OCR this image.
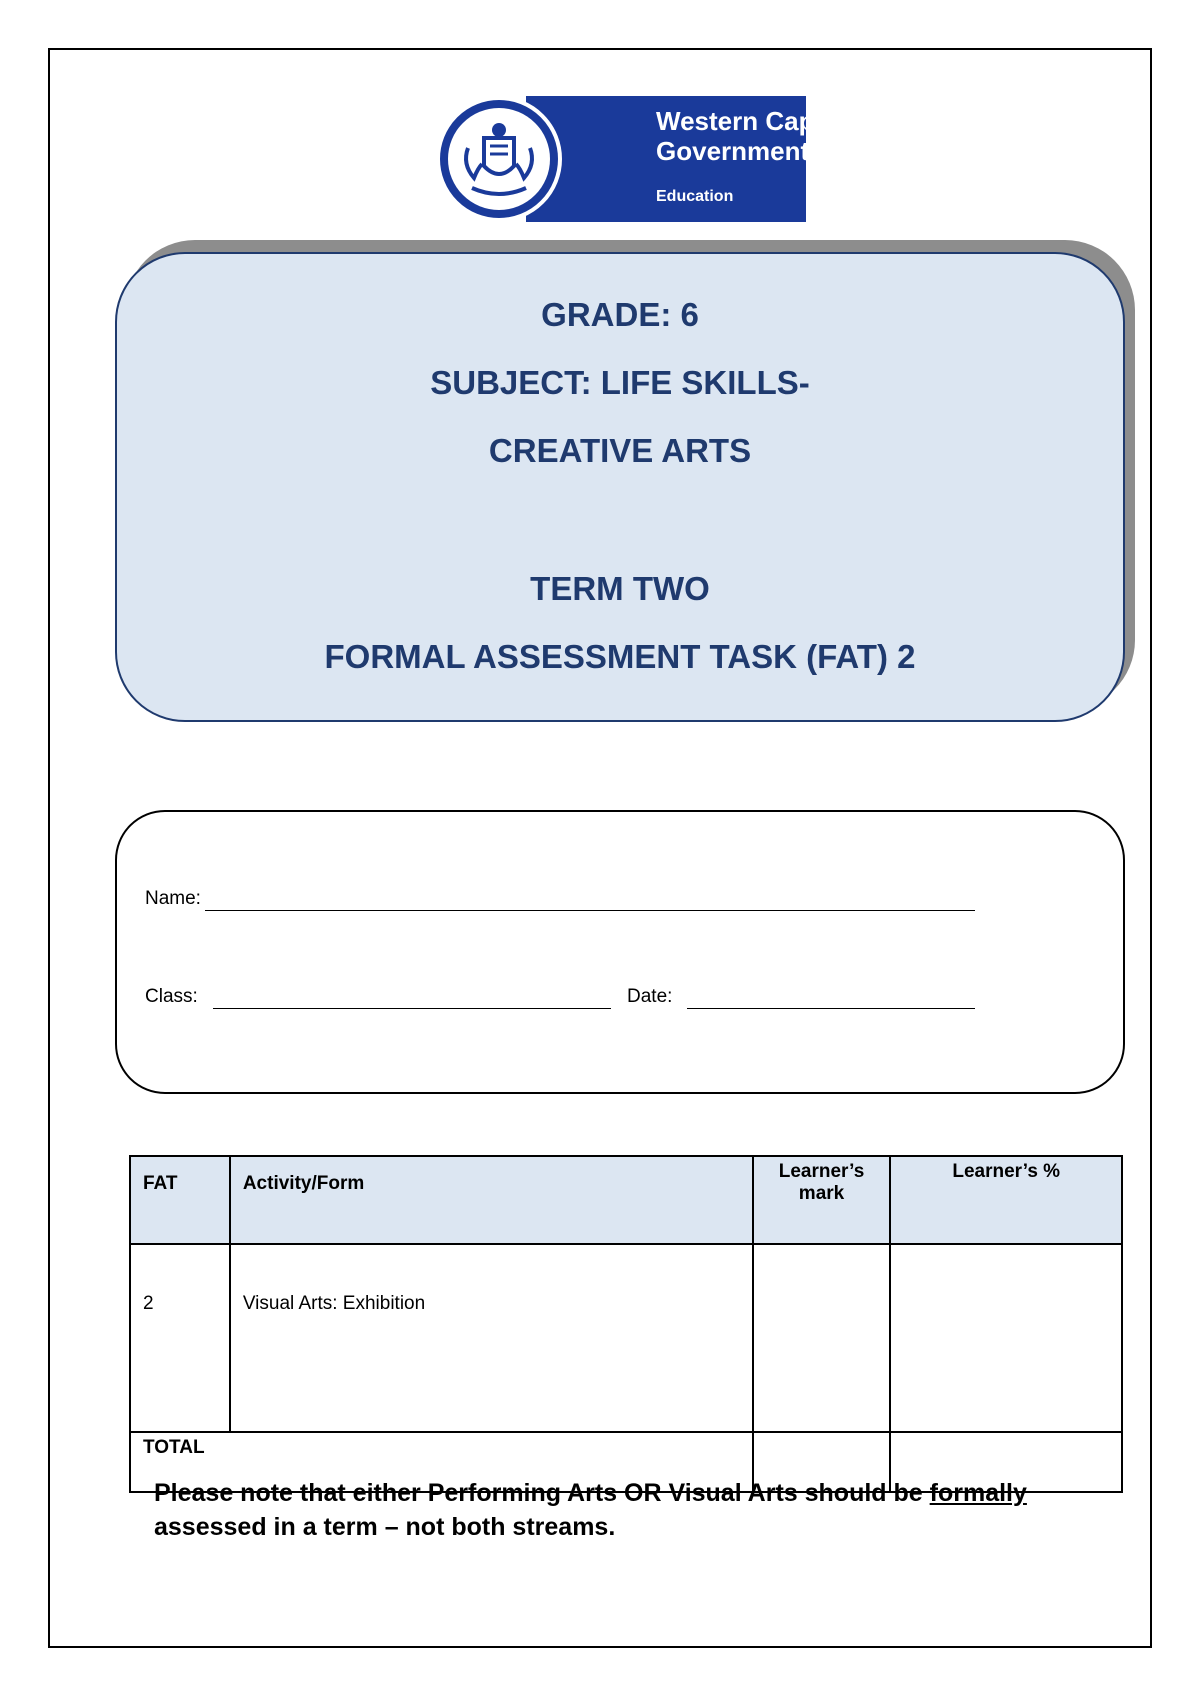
Western Cape
Government
Education
GRADE: 6
SUBJECT: LIFE SKILLS-
CREATIVE ARTS
TERM TWO
FORMAL ASSESSMENT TASK (FAT) 2
Name:
Class:	Date:
FAT	Activity/Form	Learner’s mark	Learner’s %
2	Visual Arts: Exhibition		
TOTAL			
Please note that either Performing Arts OR Visual Arts should be formally assessed in a term – not both streams.
